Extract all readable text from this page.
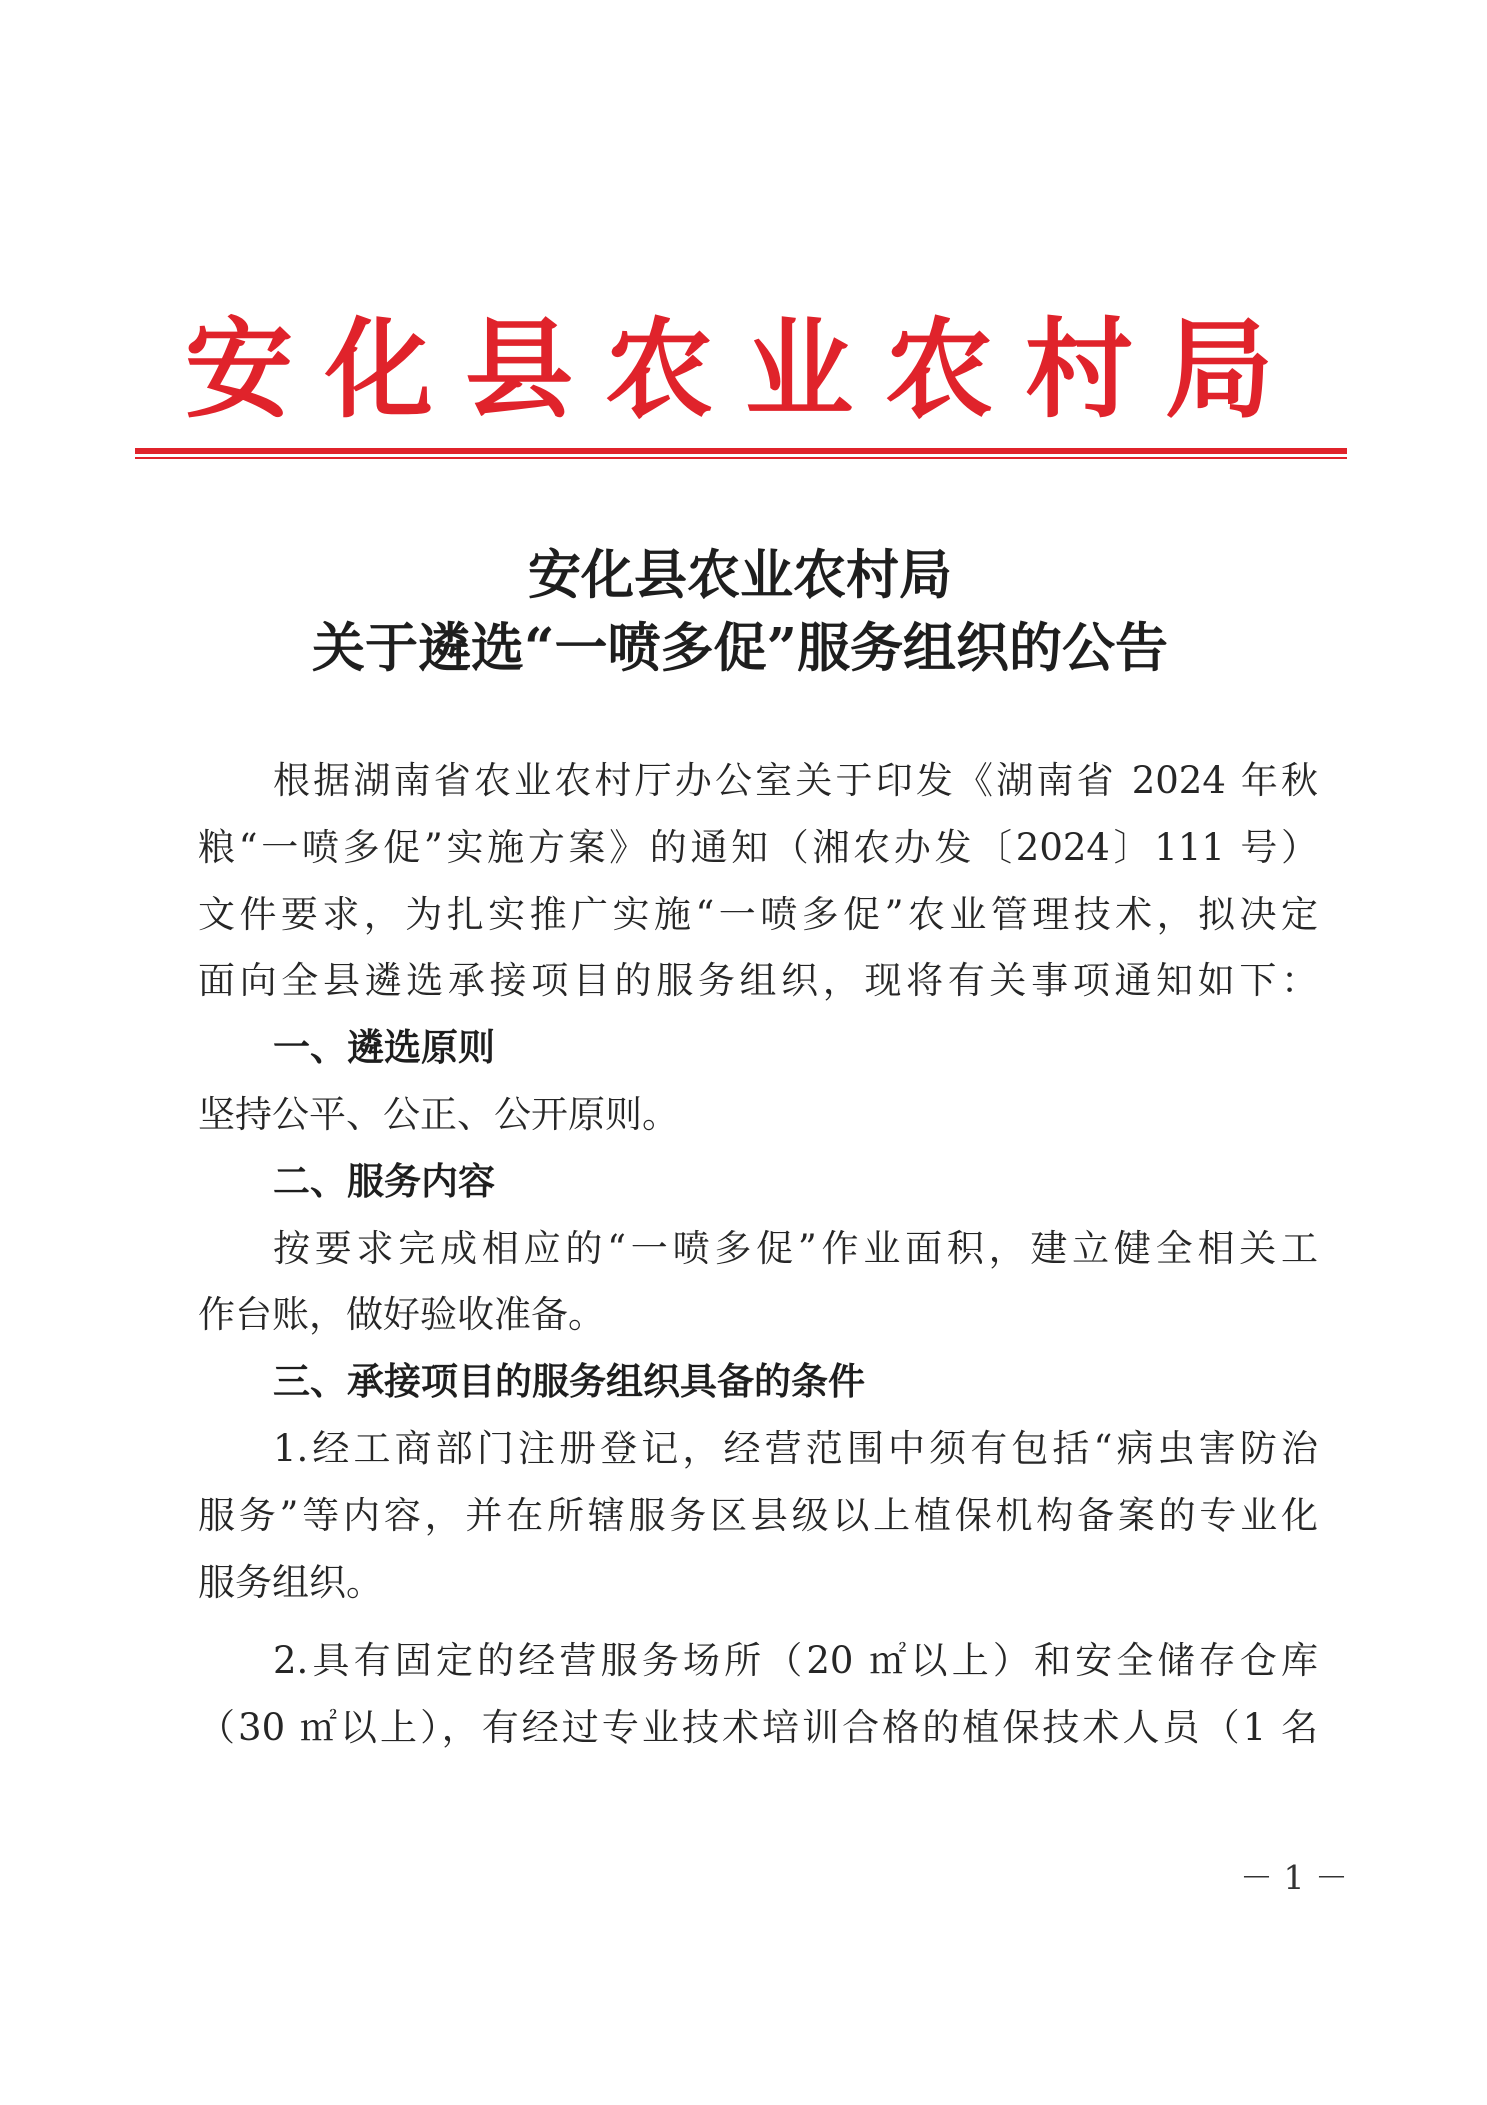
安化县农业农村局
安化县农业农村局
关于遴选“一喷多促”服务组织的公告
根据湖南省农业农村厅办公室关于印发《湖南省 2024 年秋
粮“一喷多促”实施方案》的通知（湘农办发〔2024〕111 号）
文件要求，为扎实推广实施“一喷多促”农业管理技术，拟决定
面向全县遴选承接项目的服务组织，现将有关事项通知如下：
一、遴选原则
坚持公平、公正、公开原则。
二、服务内容
按要求完成相应的“一喷多促”作业面积，建立健全相关工
作台账，做好验收准备。
三、承接项目的服务组织具备的条件
1.经工商部门注册登记，经营范围中须有包括“病虫害防治
服务”等内容，并在所辖服务区县级以上植保机构备案的专业化
服务组织。
2.具有固定的经营服务场所（20 ㎡以上）和安全储存仓库
（30 ㎡以上），有经过专业技术培训合格的植保技术人员（1 名
－ 1 －
